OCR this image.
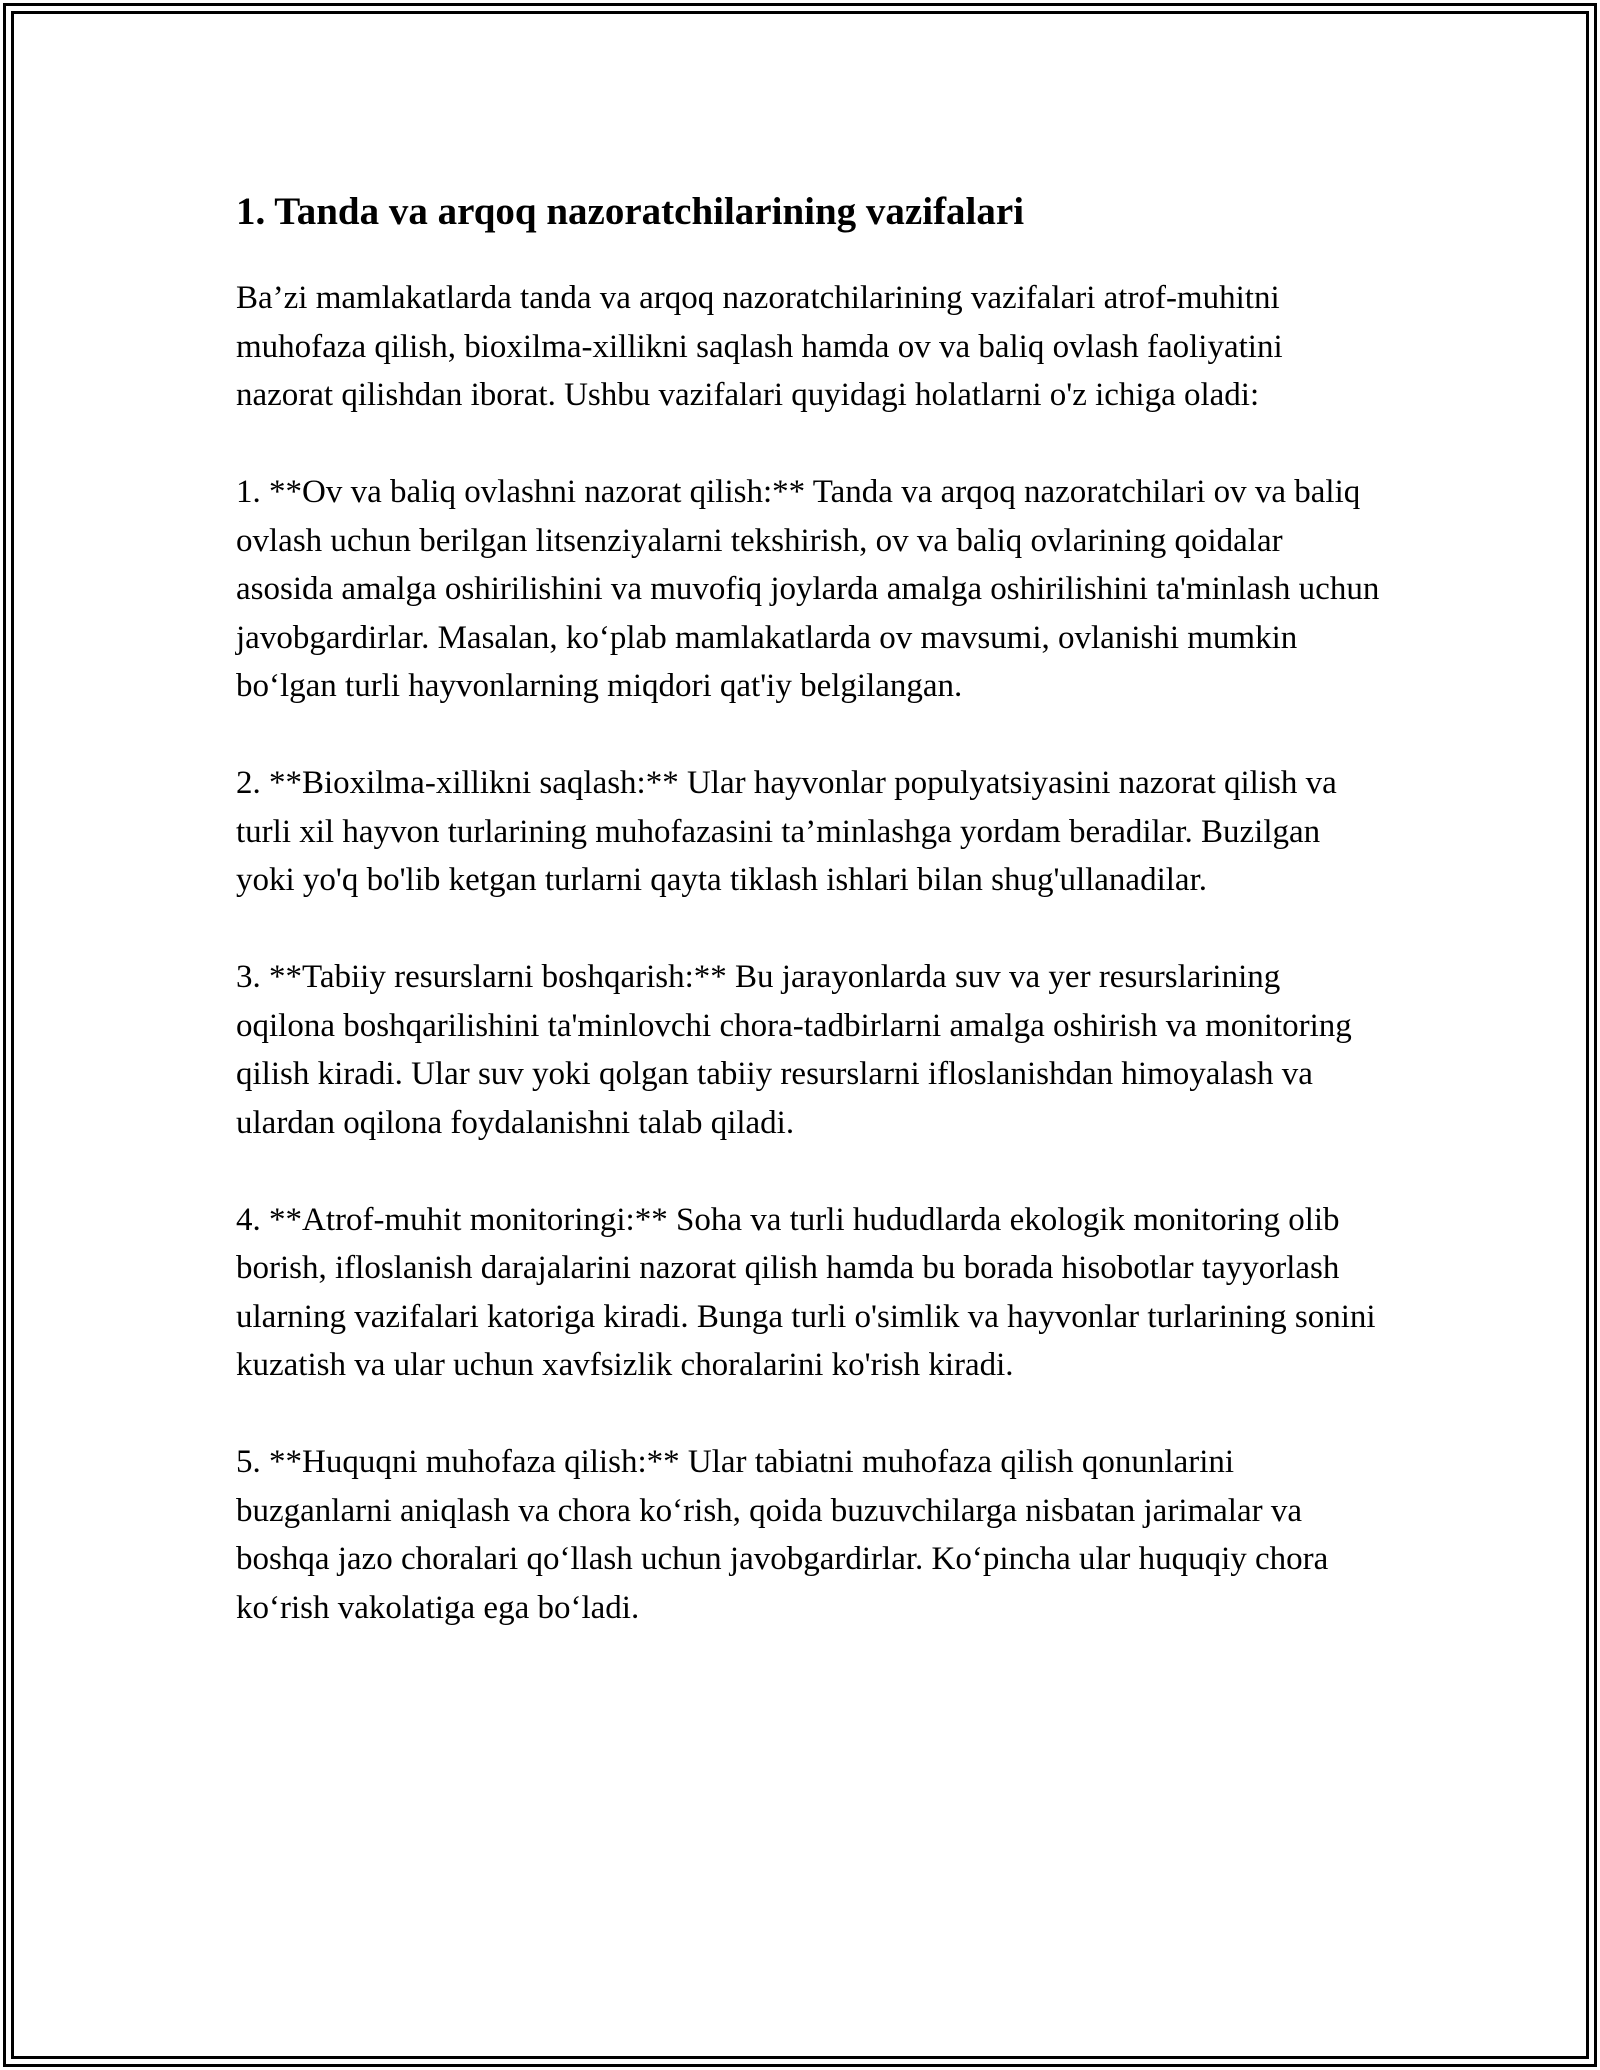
1. Tanda va arqoq nazoratchilarining vazifalari

Ba’zi mamlakatlarda tanda va arqoq nazoratchilarining vazifalari atrof-muhitni muhofaza qilish, bioxilma-xillikni saqlash hamda ov va baliq ovlash faoliyatini nazorat qilishdan iborat. Ushbu vazifalari quyidagi holatlarni o'z ichiga oladi:

1. **Ov va baliq ovlashni nazorat qilish:** Tanda va arqoq nazoratchilari ov va baliq ovlash uchun berilgan litsenziyalarni tekshirish, ov va baliq ovlarining qoidalar asosida amalga oshirilishini va muvofiq joylarda amalga oshirilishini ta'minlash uchun javobgardirlar. Masalan, koʻplab mamlakatlarda ov mavsumi, ovlanishi mumkin boʻlgan turli hayvonlarning miqdori qat'iy belgilangan.

2. **Bioxilma-xillikni saqlash:** Ular hayvonlar populyatsiyasini nazorat qilish va turli xil hayvon turlarining muhofazasini ta’minlashga yordam beradilar. Buzilgan yoki yo'q bo'lib ketgan turlarni qayta tiklash ishlari bilan shug'ullanadilar.

3. **Tabiiy resurslarni boshqarish:** Bu jarayonlarda suv va yer resurslarining oqilona boshqarilishini ta'minlovchi chora-tadbirlarni amalga oshirish va monitoring qilish kiradi. Ular suv yoki qolgan tabiiy resurslarni ifloslanishdan himoyalash va ulardan oqilona foydalanishni talab qiladi.

4. **Atrof-muhit monitoringi:** Soha va turli hududlarda ekologik monitoring olib borish, ifloslanish darajalarini nazorat qilish hamda bu borada hisobotlar tayyorlash ularning vazifalari katoriga kiradi. Bunga turli o'simlik va hayvonlar turlarining sonini kuzatish va ular uchun xavfsizlik choralarini ko'rish kiradi.

5. **Huquqni muhofaza qilish:** Ular tabiatni muhofaza qilish qonunlarini buzganlarni aniqlash va chora koʻrish, qoida buzuvchilarga nisbatan jarimalar va boshqa jazo choralari qoʻllash uchun javobgardirlar. Koʻpincha ular huquqiy chora koʻrish vakolatiga ega boʻladi.
